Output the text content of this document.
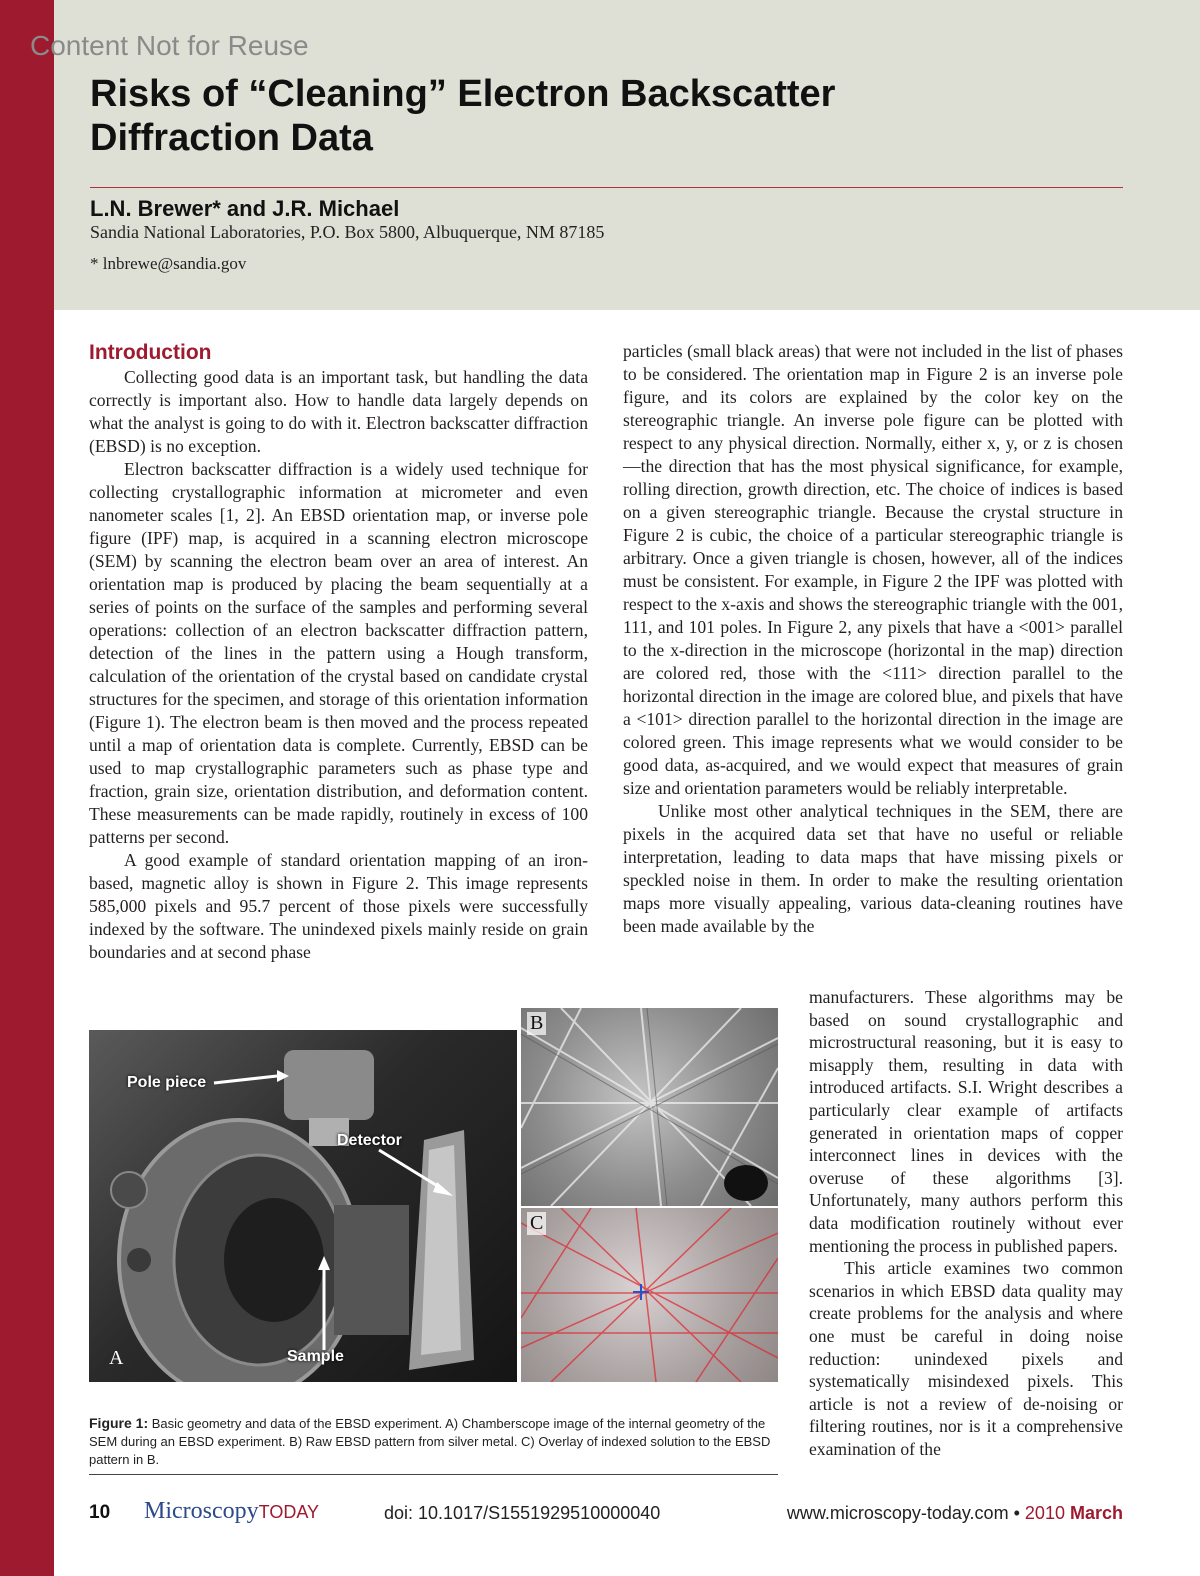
Content Not for Reuse
Risks of “Cleaning” Electron Backscatter
Diffraction Data
L.N. Brewer* and J.R. Michael
Sandia National Laboratories, P.O. Box 5800, Albuquerque, NM 87185
* lnbrewe@sandia.gov
Introduction

Collecting good data is an important task, but handling the data correctly is important also. How to handle data largely depends on what the analyst is going to do with it. Electron backscatter diffraction (EBSD) is no exception.

Electron backscatter diffraction is a widely used technique for collecting crystallographic information at micrometer and even nanometer scales [1, 2]. An EBSD orientation map, or inverse pole figure (IPF) map, is acquired in a scanning electron microscope (SEM) by scanning the electron beam over an area of interest. An orientation map is produced by placing the beam sequentially at a series of points on the surface of the samples and performing several operations: collection of an electron backscatter diffraction pattern, detection of the lines in the pattern using a Hough transform, calculation of the orientation of the crystal based on candidate crystal structures for the specimen, and storage of this orientation information (Figure 1). The electron beam is then moved and the process repeated until a map of orientation data is complete. Currently, EBSD can be used to map crystallographic parameters such as phase type and fraction, grain size, orientation distribution, and deformation content. These measurements can be made rapidly, routinely in excess of 100 patterns per second.

A good example of standard orientation mapping of an iron-based, magnetic alloy is shown in Figure 2. This image represents 585,000 pixels and 95.7 percent of those pixels were successfully indexed by the software. The unindexed pixels mainly reside on grain boundaries and at second phase

particles (small black areas) that were not included in the list of phases to be considered. The orientation map in Figure 2 is an inverse pole figure, and its colors are explained by the color key on the stereographic triangle. An inverse pole figure can be plotted with respect to any physical direction. Normally, either x, y, or z is chosen—the direction that has the most physical significance, for example, rolling direction, growth direction, etc. The choice of indices is based on a given stereographic triangle. Because the crystal structure in Figure 2 is cubic, the choice of a particular stereographic triangle is arbitrary. Once a given triangle is chosen, however, all of the indices must be consistent. For example, in Figure 2 the IPF was plotted with respect to the x-axis and shows the stereographic triangle with the 001, 111, and 101 poles. In Figure 2, any pixels that have a <001> parallel to the x-direction in the microscope (horizontal in the map) direction are colored red, those with the <111> direction parallel to the horizontal direction in the image are colored blue, and pixels that have a <101> direction parallel to the horizontal direction in the image are colored green. This image represents what we would consider to be good data, as-acquired, and we would expect that measures of grain size and orientation parameters would be reliably interpretable.

Unlike most other analytical techniques in the SEM, there are pixels in the acquired data set that have no useful or reliable interpretation, leading to data maps that have missing pixels or speckled noise in them. In order to make the resulting orientation maps more visually appealing, various data-cleaning routines have been made available by the

manufacturers. These algorithms may be based on sound crystallographic and microstructural reasoning, but it is easy to misapply them, resulting in data with introduced artifacts. S.I. Wright describes a particularly clear example of artifacts generated in orientation maps of copper interconnect lines in devices with the overuse of these algorithms [3]. Unfortunately, many authors perform this data modification routinely without ever mentioning the process in published papers.

This article examines two common scenarios in which EBSD data quality may create problems for the analysis and where one must be careful in doing noise reduction: unindexed pixels and systematically misindexed pixels. This article is not a review of de-noising or filtering routines, nor is it a comprehensive examination of the

Pole piece
Detector
Sample
A
B
C

Figure 1: Basic geometry and data of the EBSD experiment. A) Chamberscope image of the internal geometry of the SEM during an EBSD experiment. B) Raw EBSD pattern from silver metal. C) Overlay of indexed solution to the EBSD pattern in B.

10 MicroscopyTODAY	doi: 10.1017/S1551929510000040	www.microscopy-today.com • 2010 March
